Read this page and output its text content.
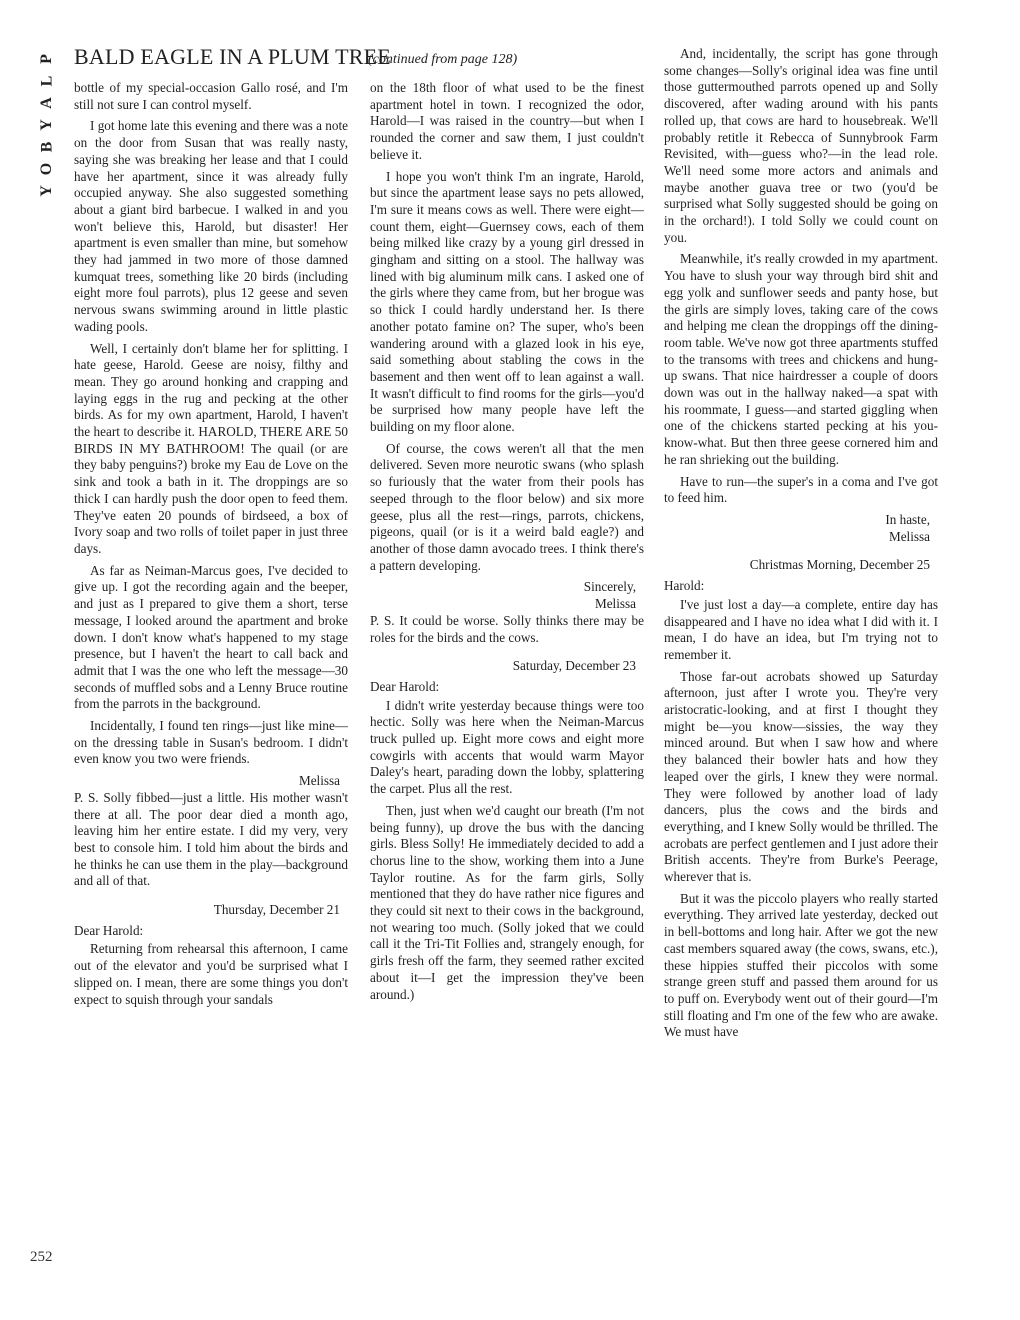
P
L
A
Y
B
O
Y
BALD EAGLE IN A PLUM TREE
(continued from page 128)

bottle of my special-occasion Gallo rosé, and I'm still not sure I can control myself.

I got home late this evening and there was a note on the door from Susan that was really nasty, saying she was breaking her lease and that I could have her apartment, since it was already fully occupied anyway. She also suggested something about a giant bird barbecue. I walked in and you won't believe this, Harold, but disaster! Her apartment is even smaller than mine, but somehow they had jammed in two more of those damned kumquat trees, something like 20 birds (including eight more foul parrots), plus 12 geese and seven nervous swans swimming around in little plastic wading pools.

Well, I certainly don't blame her for splitting. I hate geese, Harold. Geese are noisy, filthy and mean. They go around honking and crapping and laying eggs in the rug and pecking at the other birds. As for my own apartment, Harold, I haven't the heart to describe it. HAROLD, THERE ARE 50 BIRDS IN MY BATHROOM! The quail (or are they baby penguins?) broke my Eau de Love on the sink and took a bath in it. The droppings are so thick I can hardly push the door open to feed them. They've eaten 20 pounds of birdseed, a box of Ivory soap and two rolls of toilet paper in just three days.

As far as Neiman-Marcus goes, I've decided to give up. I got the recording again and the beeper, and just as I prepared to give them a short, terse message, I looked around the apartment and broke down. I don't know what's happened to my stage presence, but I haven't the heart to call back and admit that I was the one who left the message—30 seconds of muffled sobs and a Lenny Bruce routine from the parrots in the background.

Incidentally, I found ten rings—just like mine—on the dressing table in Susan's bedroom. I didn't even know you two were friends.

Melissa

P. S. Solly fibbed—just a little. His mother wasn't there at all. The poor dear died a month ago, leaving him her entire estate. I did my very, very best to console him. I told him about the birds and he thinks he can use them in the play—background and all of that.

Thursday, December 21

Dear Harold:

Returning from rehearsal this afternoon, I came out of the elevator and you'd be surprised what I slipped on. I mean, there are some things you don't expect to squish through your sandals

on the 18th floor of what used to be the finest apartment hotel in town. I recognized the odor, Harold—I was raised in the country—but when I rounded the corner and saw them, I just couldn't believe it.

I hope you won't think I'm an ingrate, Harold, but since the apartment lease says no pets allowed, I'm sure it means cows as well. There were eight—count them, eight—Guernsey cows, each of them being milked like crazy by a young girl dressed in gingham and sitting on a stool. The hallway was lined with big aluminum milk cans. I asked one of the girls where they came from, but her brogue was so thick I could hardly understand her. Is there another potato famine on? The super, who's been wandering around with a glazed look in his eye, said something about stabling the cows in the basement and then went off to lean against a wall. It wasn't difficult to find rooms for the girls—you'd be surprised how many people have left the building on my floor alone.

Of course, the cows weren't all that the men delivered. Seven more neurotic swans (who splash so furiously that the water from their pools has seeped through to the floor below) and six more geese, plus all the rest—rings, parrots, chickens, pigeons, quail (or is it a weird bald eagle?) and another of those damn avocado trees. I think there's a pattern developing.

Sincerely,

Melissa

P. S. It could be worse. Solly thinks there may be roles for the birds and the cows.

Saturday, December 23

Dear Harold:

I didn't write yesterday because things were too hectic. Solly was here when the Neiman-Marcus truck pulled up. Eight more cows and eight more cowgirls with accents that would warm Mayor Daley's heart, parading down the lobby, splattering the carpet. Plus all the rest.

Then, just when we'd caught our breath (I'm not being funny), up drove the bus with the dancing girls. Bless Solly! He immediately decided to add a chorus line to the show, working them into a June Taylor routine. As for the farm girls, Solly mentioned that they do have rather nice figures and they could sit next to their cows in the background, not wearing too much. (Solly joked that we could call it the Tri-Tit Follies and, strangely enough, for girls fresh off the farm, they seemed rather excited about it—I get the impression they've been around.)

And, incidentally, the script has gone through some changes—Solly's original idea was fine until those guttermouthed parrots opened up and Solly discovered, after wading around with his pants rolled up, that cows are hard to housebreak. We'll probably retitle it Rebecca of Sunnybrook Farm Revisited, with—guess who?—in the lead role. We'll need some more actors and animals and maybe another guava tree or two (you'd be surprised what Solly suggested should be going on in the orchard!). I told Solly we could count on you.

Meanwhile, it's really crowded in my apartment. You have to slush your way through bird shit and egg yolk and sunflower seeds and panty hose, but the girls are simply loves, taking care of the cows and helping me clean the droppings off the dining-room table. We've now got three apartments stuffed to the transoms with trees and chickens and hung-up swans. That nice hairdresser a couple of doors down was out in the hallway naked—a spat with his roommate, I guess—and started giggling when one of the chickens started pecking at his you-know-what. But then three geese cornered him and he ran shrieking out the building.

Have to run—the super's in a coma and I've got to feed him.

In haste,

Melissa

Christmas Morning, December 25

Harold:

I've just lost a day—a complete, entire day has disappeared and I have no idea what I did with it. I mean, I do have an idea, but I'm trying not to remember it.

Those far-out acrobats showed up Saturday afternoon, just after I wrote you. They're very aristocratic-looking, and at first I thought they might be—you know—sissies, the way they minced around. But when I saw how and where they balanced their bowler hats and how they leaped over the girls, I knew they were normal. They were followed by another load of lady dancers, plus the cows and the birds and everything, and I knew Solly would be thrilled. The acrobats are perfect gentlemen and I just adore their British accents. They're from Burke's Peerage, wherever that is.

But it was the piccolo players who really started everything. They arrived late yesterday, decked out in bell-bottoms and long hair. After we got the new cast members squared away (the cows, swans, etc.), these hippies stuffed their piccolos with some strange green stuff and passed them around for us to puff on. Everybody went out of their gourd—I'm still floating and I'm one of the few who are awake. We must have

252
